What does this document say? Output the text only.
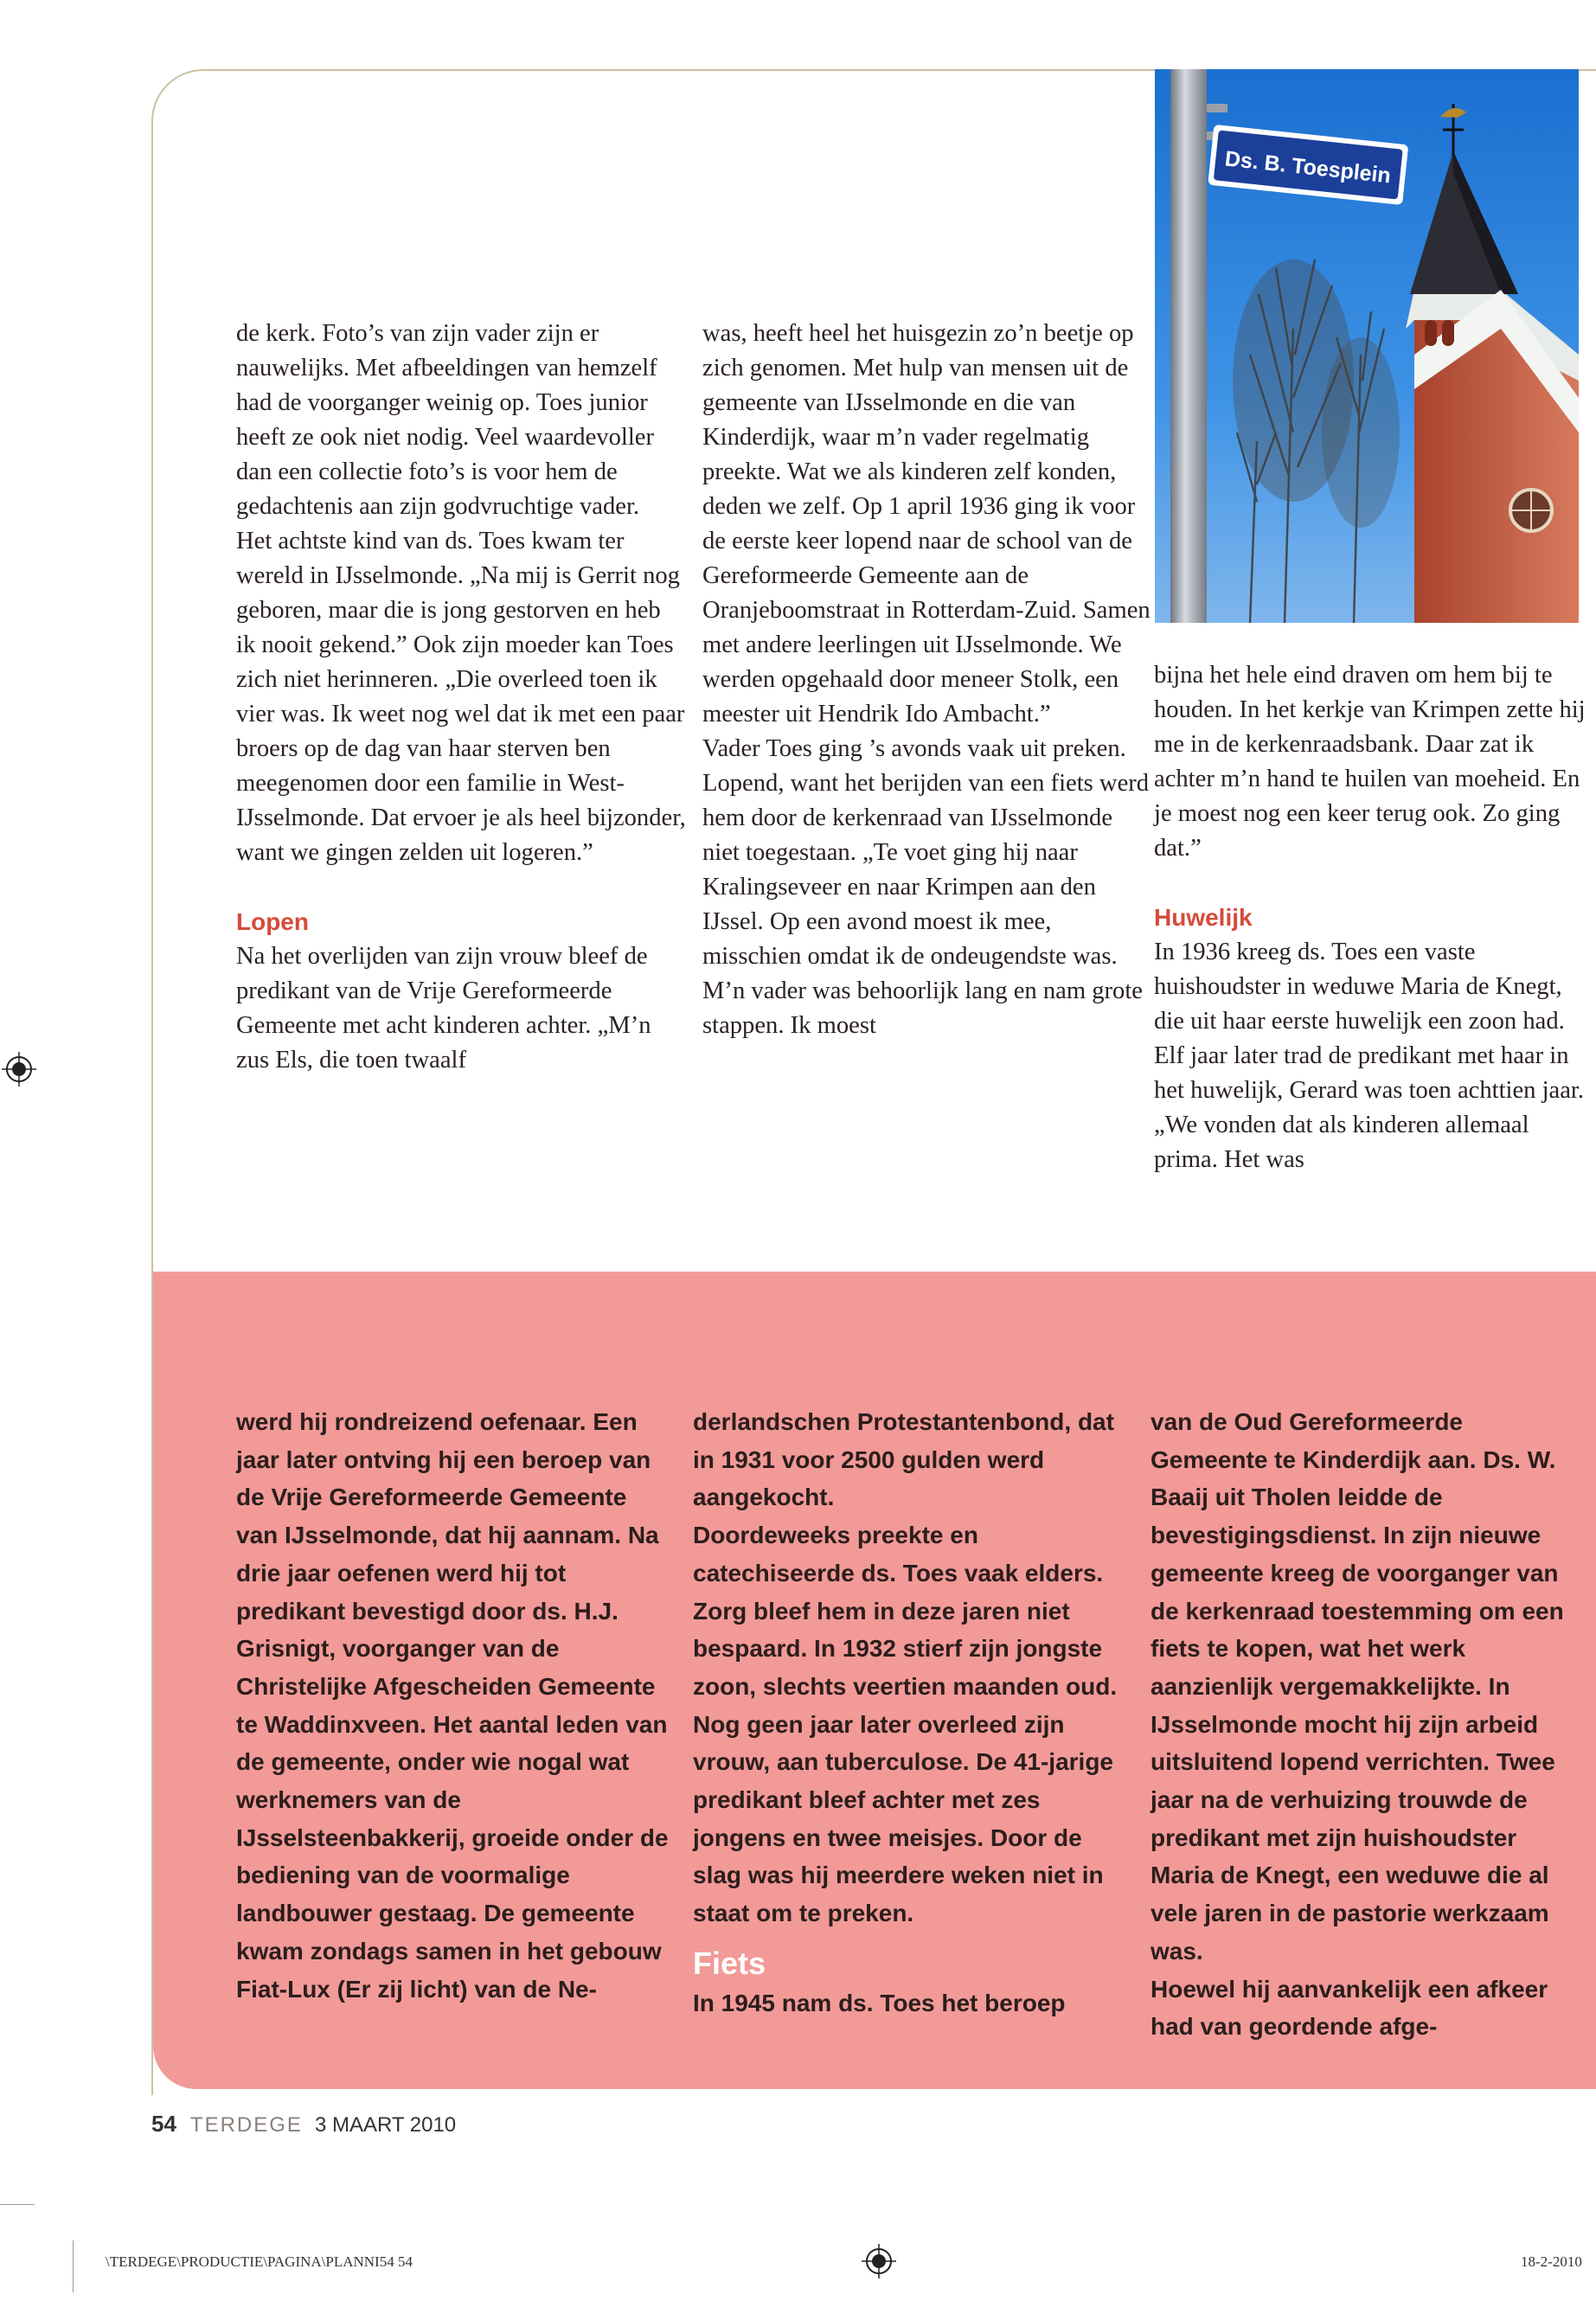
de kerk. Foto’s van zijn vader zijn er nauwelijks. Met afbeeldingen van hemzelf had de voorganger weinig op. Toes junior heeft ze ook niet nodig. Veel waardevoller dan een collectie foto’s is voor hem de gedachtenis aan zijn godvruchtige vader.

Het achtste kind van ds. Toes kwam ter wereld in IJsselmonde. „Na mij is Gerrit nog geboren, maar die is jong gestorven en heb ik nooit gekend.” Ook zijn moeder kan Toes zich niet herinneren. „Die overleed toen ik vier was. Ik weet nog wel dat ik met een paar broers op de dag van haar sterven ben meegenomen door een familie in West-IJsselmonde. Dat ervoer je als heel bijzonder, want we gingen zelden uit logeren.”

Lopen

Na het overlijden van zijn vrouw bleef de predikant van de Vrije Gereformeerde Gemeente met acht kinderen achter. „M’n zus Els, die toen twaalf

was, heeft heel het huisgezin zo’n beetje op zich genomen. Met hulp van mensen uit de gemeente van IJsselmonde en die van Kinderdijk, waar m’n vader regelmatig preekte. Wat we als kinderen zelf konden, deden we zelf. Op 1 april 1936 ging ik voor de eerste keer lopend naar de school van de Gereformeerde Gemeente aan de Oranjeboomstraat in Rotterdam-Zuid. Samen met andere leerlingen uit IJsselmonde. We werden opgehaald door meneer Stolk, een meester uit Hendrik Ido Ambacht.”

Vader Toes ging ’s avonds vaak uit preken. Lopend, want het berijden van een fiets werd hem door de kerkenraad van IJsselmonde niet toegestaan. „Te voet ging hij naar Kralingseveer en naar Krimpen aan den IJssel. Op een avond moest ik mee, misschien omdat ik de ondeugendste was. M’n vader was behoorlijk lang en nam grote stappen. Ik moest

Ds. B. Toesplein

bijna het hele eind draven om hem bij te houden. In het kerkje van Krimpen zette hij me in de kerkenraadsbank. Daar zat ik achter m’n hand te huilen van moeheid. En je moest nog een keer terug ook. Zo ging dat.”

Huwelijk

In 1936 kreeg ds. Toes een vaste huishoudster in weduwe Maria de Knegt, die uit haar eerste huwelijk een zoon had. Elf jaar later trad de predikant met haar in het huwelijk, Gerard was toen achttien jaar. „We vonden dat als kinderen allemaal prima. Het was

werd hij rondreizend oefenaar. Een jaar later ontving hij een beroep van de Vrije Gereformeerde Gemeente van IJsselmonde, dat hij aannam. Na drie jaar oefenen werd hij tot predikant bevestigd door ds. H.J. Grisnigt, voorganger van de Christelijke Afgescheiden Gemeente te Waddinxveen. Het aantal leden van de gemeente, onder wie nogal wat werknemers van de IJsselsteenbakkerij, groeide onder de bediening van de voormalige landbouwer gestaag. De gemeente kwam zondags samen in het gebouw Fiat-Lux (Er zij licht) van de Ne-

derlandschen Protestantenbond, dat in 1931 voor 2500 gulden werd aangekocht.

Doordeweeks preekte en catechiseerde ds. Toes vaak elders. Zorg bleef hem in deze jaren niet bespaard. In 1932 stierf zijn jongste zoon, slechts veertien maanden oud. Nog geen jaar later overleed zijn vrouw, aan tuberculose. De 41-jarige predikant bleef achter met zes jongens en twee meisjes. Door de slag was hij meerdere weken niet in staat om te preken.

Fiets

In 1945 nam ds. Toes het beroep

van de Oud Gereformeerde Gemeente te Kinderdijk aan. Ds. W. Baaij uit Tholen leidde de bevestigingsdienst. In zijn nieuwe gemeente kreeg de voorganger van de kerkenraad toestemming om een fiets te kopen, wat het werk aanzienlijk vergemakkelijkte. In IJsselmonde mocht hij zijn arbeid uitsluitend lopend verrichten. Twee jaar na de verhuizing trouwde de predikant met zijn huishoudster Maria de Knegt, een weduwe die al vele jaren in de pastorie werkzaam was.

Hoewel hij aanvankelijk een afkeer had van geordende afge-

54 TERDEGE 3 MAART 2010
\TERDEGE\PRODUCTIE\PAGINA\PLANNI54 54	18-2-2010
